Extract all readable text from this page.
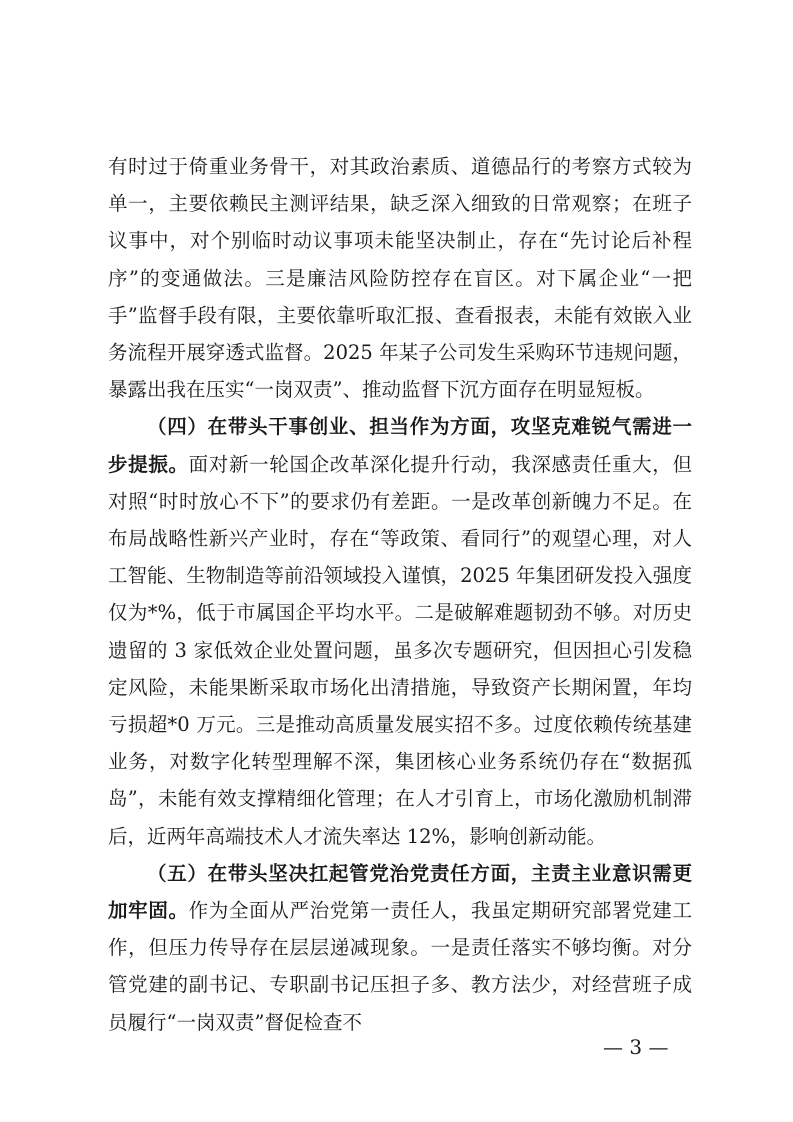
有时过于倚重业务骨干，对其政治素质、道德品行的考察方式较为单一，主要依赖民主测评结果，缺乏深入细致的日常观察；在班子议事中，对个别临时动议事项未能坚决制止，存在“先讨论后补程序”的变通做法。三是廉洁风险防控存在盲区。对下属企业“一把手”监督手段有限，主要依靠听取汇报、查看报表，未能有效嵌入业务流程开展穿透式监督。2025 年某子公司发生采购环节违规问题，暴露出我在压实“一岗双责”、推动监督下沉方面存在明显短板。

（四）在带头干事创业、担当作为方面，攻坚克难锐气需进一步提振。面对新一轮国企改革深化提升行动，我深感责任重大，但对照“时时放心不下”的要求仍有差距。一是改革创新魄力不足。在布局战略性新兴产业时，存在“等政策、看同行”的观望心理，对人工智能、生物制造等前沿领域投入谨慎，2025 年集团研发投入强度仅为*%，低于市属国企平均水平。二是破解难题韧劲不够。对历史遗留的 3 家低效企业处置问题，虽多次专题研究，但因担心引发稳定风险，未能果断采取市场化出清措施，导致资产长期闲置，年均亏损超*0 万元。三是推动高质量发展实招不多。过度依赖传统基建业务，对数字化转型理解不深，集团核心业务系统仍存在“数据孤岛”，未能有效支撑精细化管理；在人才引育上，市场化激励机制滞后，近两年高端技术人才流失率达 12%，影响创新动能。

（五）在带头坚决扛起管党治党责任方面，主责主业意识需更加牢固。作为全面从严治党第一责任人，我虽定期研究部署党建工作，但压力传导存在层层递减现象。一是责任落实不够均衡。对分管党建的副书记、专职副书记压担子多、教方法少，对经营班子成员履行“一岗双责”督促检查不

— 3 —
